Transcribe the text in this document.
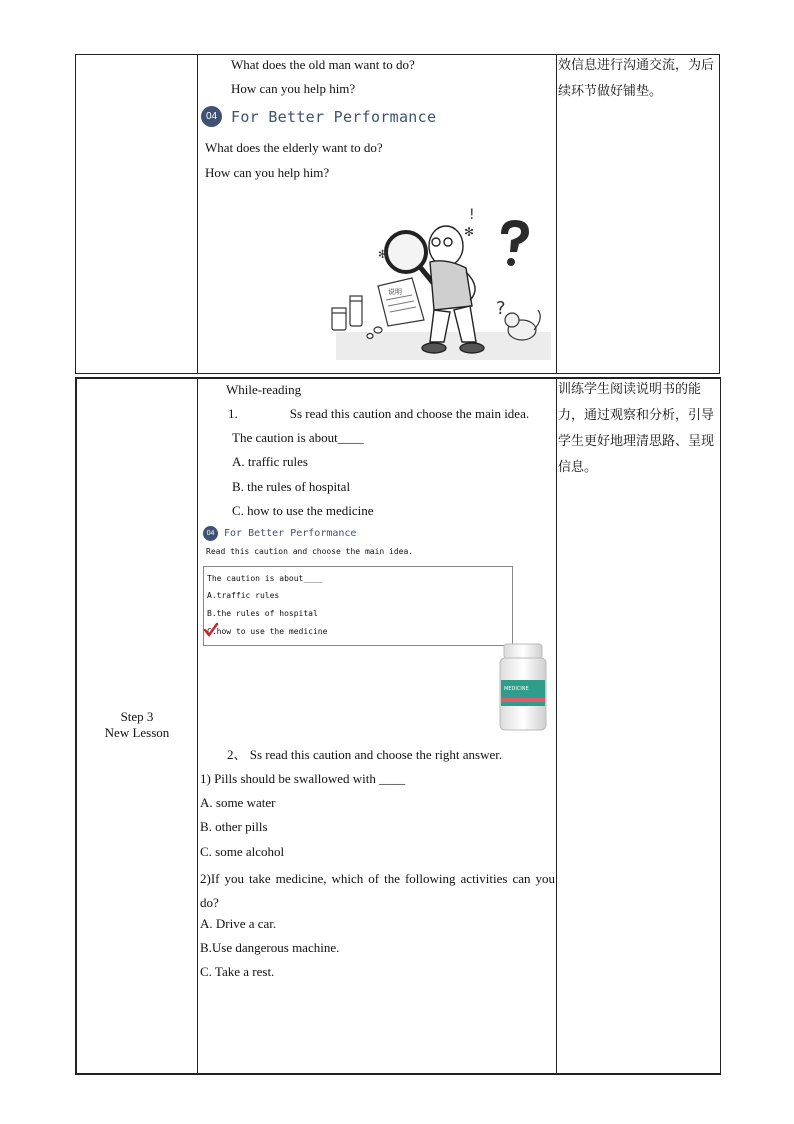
What does the old man want to do?
How can you help him?
04 For Better Performance
What does the elderly want to do?
How can you help him?
效信息进行沟通交流，为后续环节做好铺垫。
说明
?
!
✻
✻
Step 3
New Lesson
While-reading
1.　　　　Ss read this caution and choose the main idea.
The caution is about____
A. traffic rules
B. the rules of hospital
C. how to use the medicine
04 For Better Performance
Read this caution and choose the main idea.
The caution is about____
A.traffic rules
B.the rules of hospital
C.how to use the medicine
MEDICINE
2、 Ss read this caution and choose the right answer.
1) Pills should be swallowed with ____
A. some water
B. other pills
C. some alcohol
2)If you take medicine, which of the following activities can you do?
A. Drive a car.
B.Use dangerous machine.
C. Take a rest.
训练学生阅读说明书的能力，通过观察和分析，引导学生更好地理清思路、呈现信息。
